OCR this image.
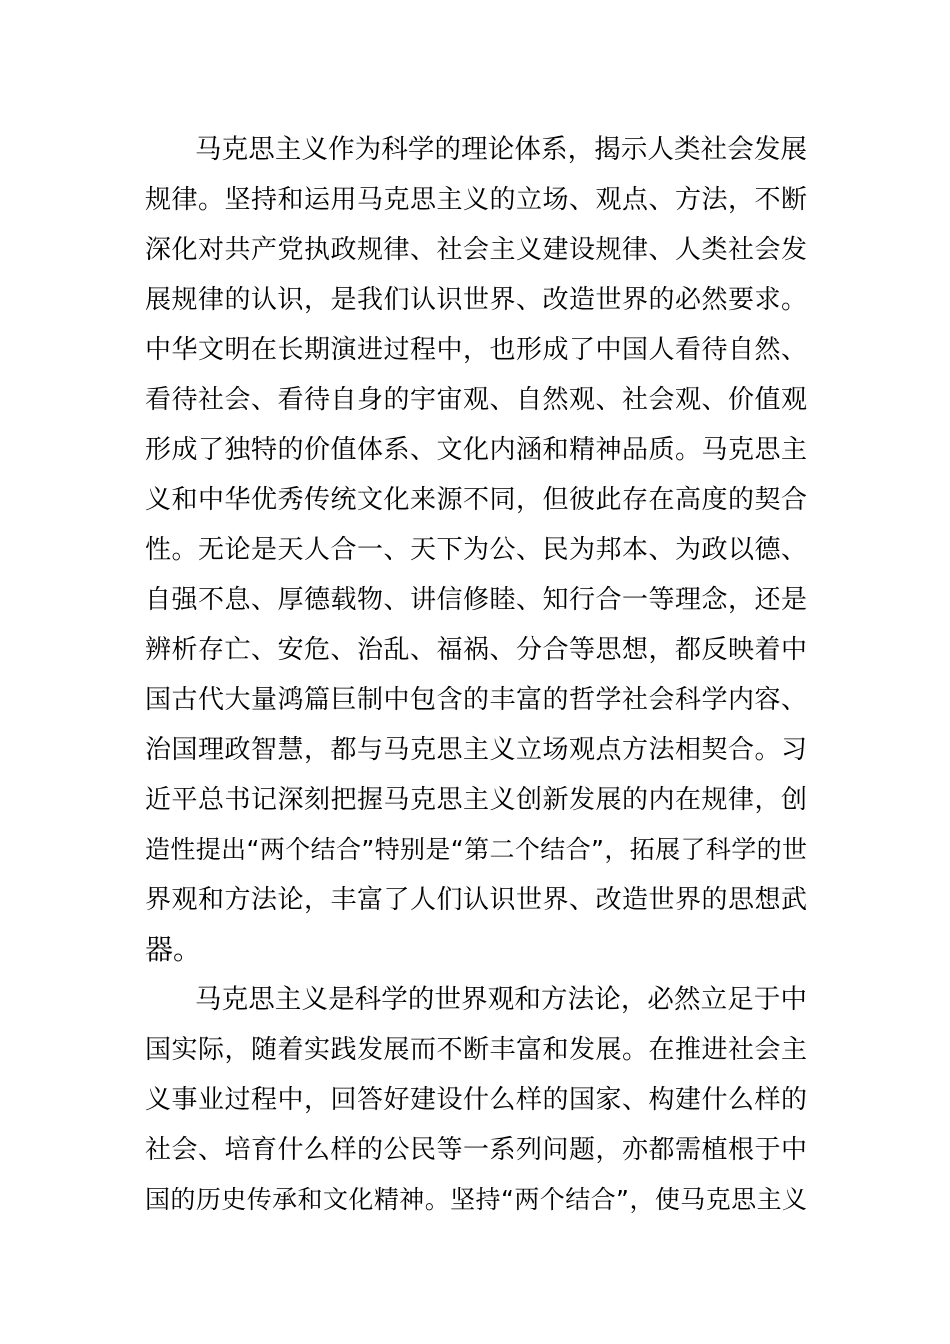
马克思主义作为科学的理论体系，揭示人类社会发展
规律。坚持和运用马克思主义的立场、观点、方法，不断
深化对共产党执政规律、社会主义建设规律、人类社会发
展规律的认识，是我们认识世界、改造世界的必然要求。
中华文明在长期演进过程中，也形成了中国人看待自然、
看待社会、看待自身的宇宙观、自然观、社会观、价值观
形成了独特的价值体系、文化内涵和精神品质。马克思主
义和中华优秀传统文化来源不同，但彼此存在高度的契合
性。无论是天人合一、天下为公、民为邦本、为政以德、
自强不息、厚德载物、讲信修睦、知行合一等理念，还是
辨析存亡、安危、治乱、福祸、分合等思想，都反映着中
国古代大量鸿篇巨制中包含的丰富的哲学社会科学内容、
治国理政智慧，都与马克思主义立场观点方法相契合。习
近平总书记深刻把握马克思主义创新发展的内在规律，创
造性提出“两个结合”特别是“第二个结合”，拓展了科学的世
界观和方法论，丰富了人们认识世界、改造世界的思想武
器。
马克思主义是科学的世界观和方法论，必然立足于中
国实际，随着实践发展而不断丰富和发展。在推进社会主
义事业过程中，回答好建设什么样的国家、构建什么样的
社会、培育什么样的公民等一系列问题，亦都需植根于中
国的历史传承和文化精神。坚持“两个结合”，使马克思主义
